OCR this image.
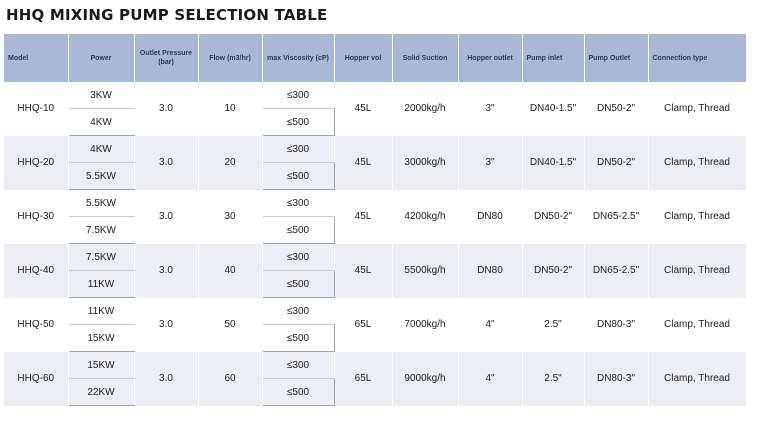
HHQ MIXING PUMP SELECTION TABLE
Model	Power	Outlet Pressure (bar)	Flow (m3/hr)	max Viscosity (cP)	Hopper vol	Solid Suction	Hopper outlet	Pump inlet	Pump Outlet	Connection type
HHQ-10	3KW	3.0	10	≤300	45L	2000kg/h	3"	DN40-1.5"	DN50-2"	Clamp, Thread
	4KW			≤500						
HHQ-20	4KW	3.0	20	≤300	45L	3000kg/h	3"	DN40-1.5"	DN50-2"	Clamp, Thread
	5.5KW			≤500						
HHQ-30	5.5KW	3.0	30	≤300	45L	4200kg/h	DN80	DN50-2"	DN65-2.5"	Clamp, Thread
	7.5KW			≤500						
HHQ-40	7.5KW	3.0	40	≤300	45L	5500kg/h	DN80	DN50-2"	DN65-2.5"	Clamp, Thread
	11KW			≤500						
HHQ-50	11KW	3.0	50	≤300	65L	7000kg/h	4"	2.5"	DN80-3"	Clamp, Thread
	15KW			≤500						
HHQ-60	15KW	3.0	60	≤300	65L	9000kg/h	4"	2.5"	DN80-3"	Clamp, Thread
	22KW			≤500						
